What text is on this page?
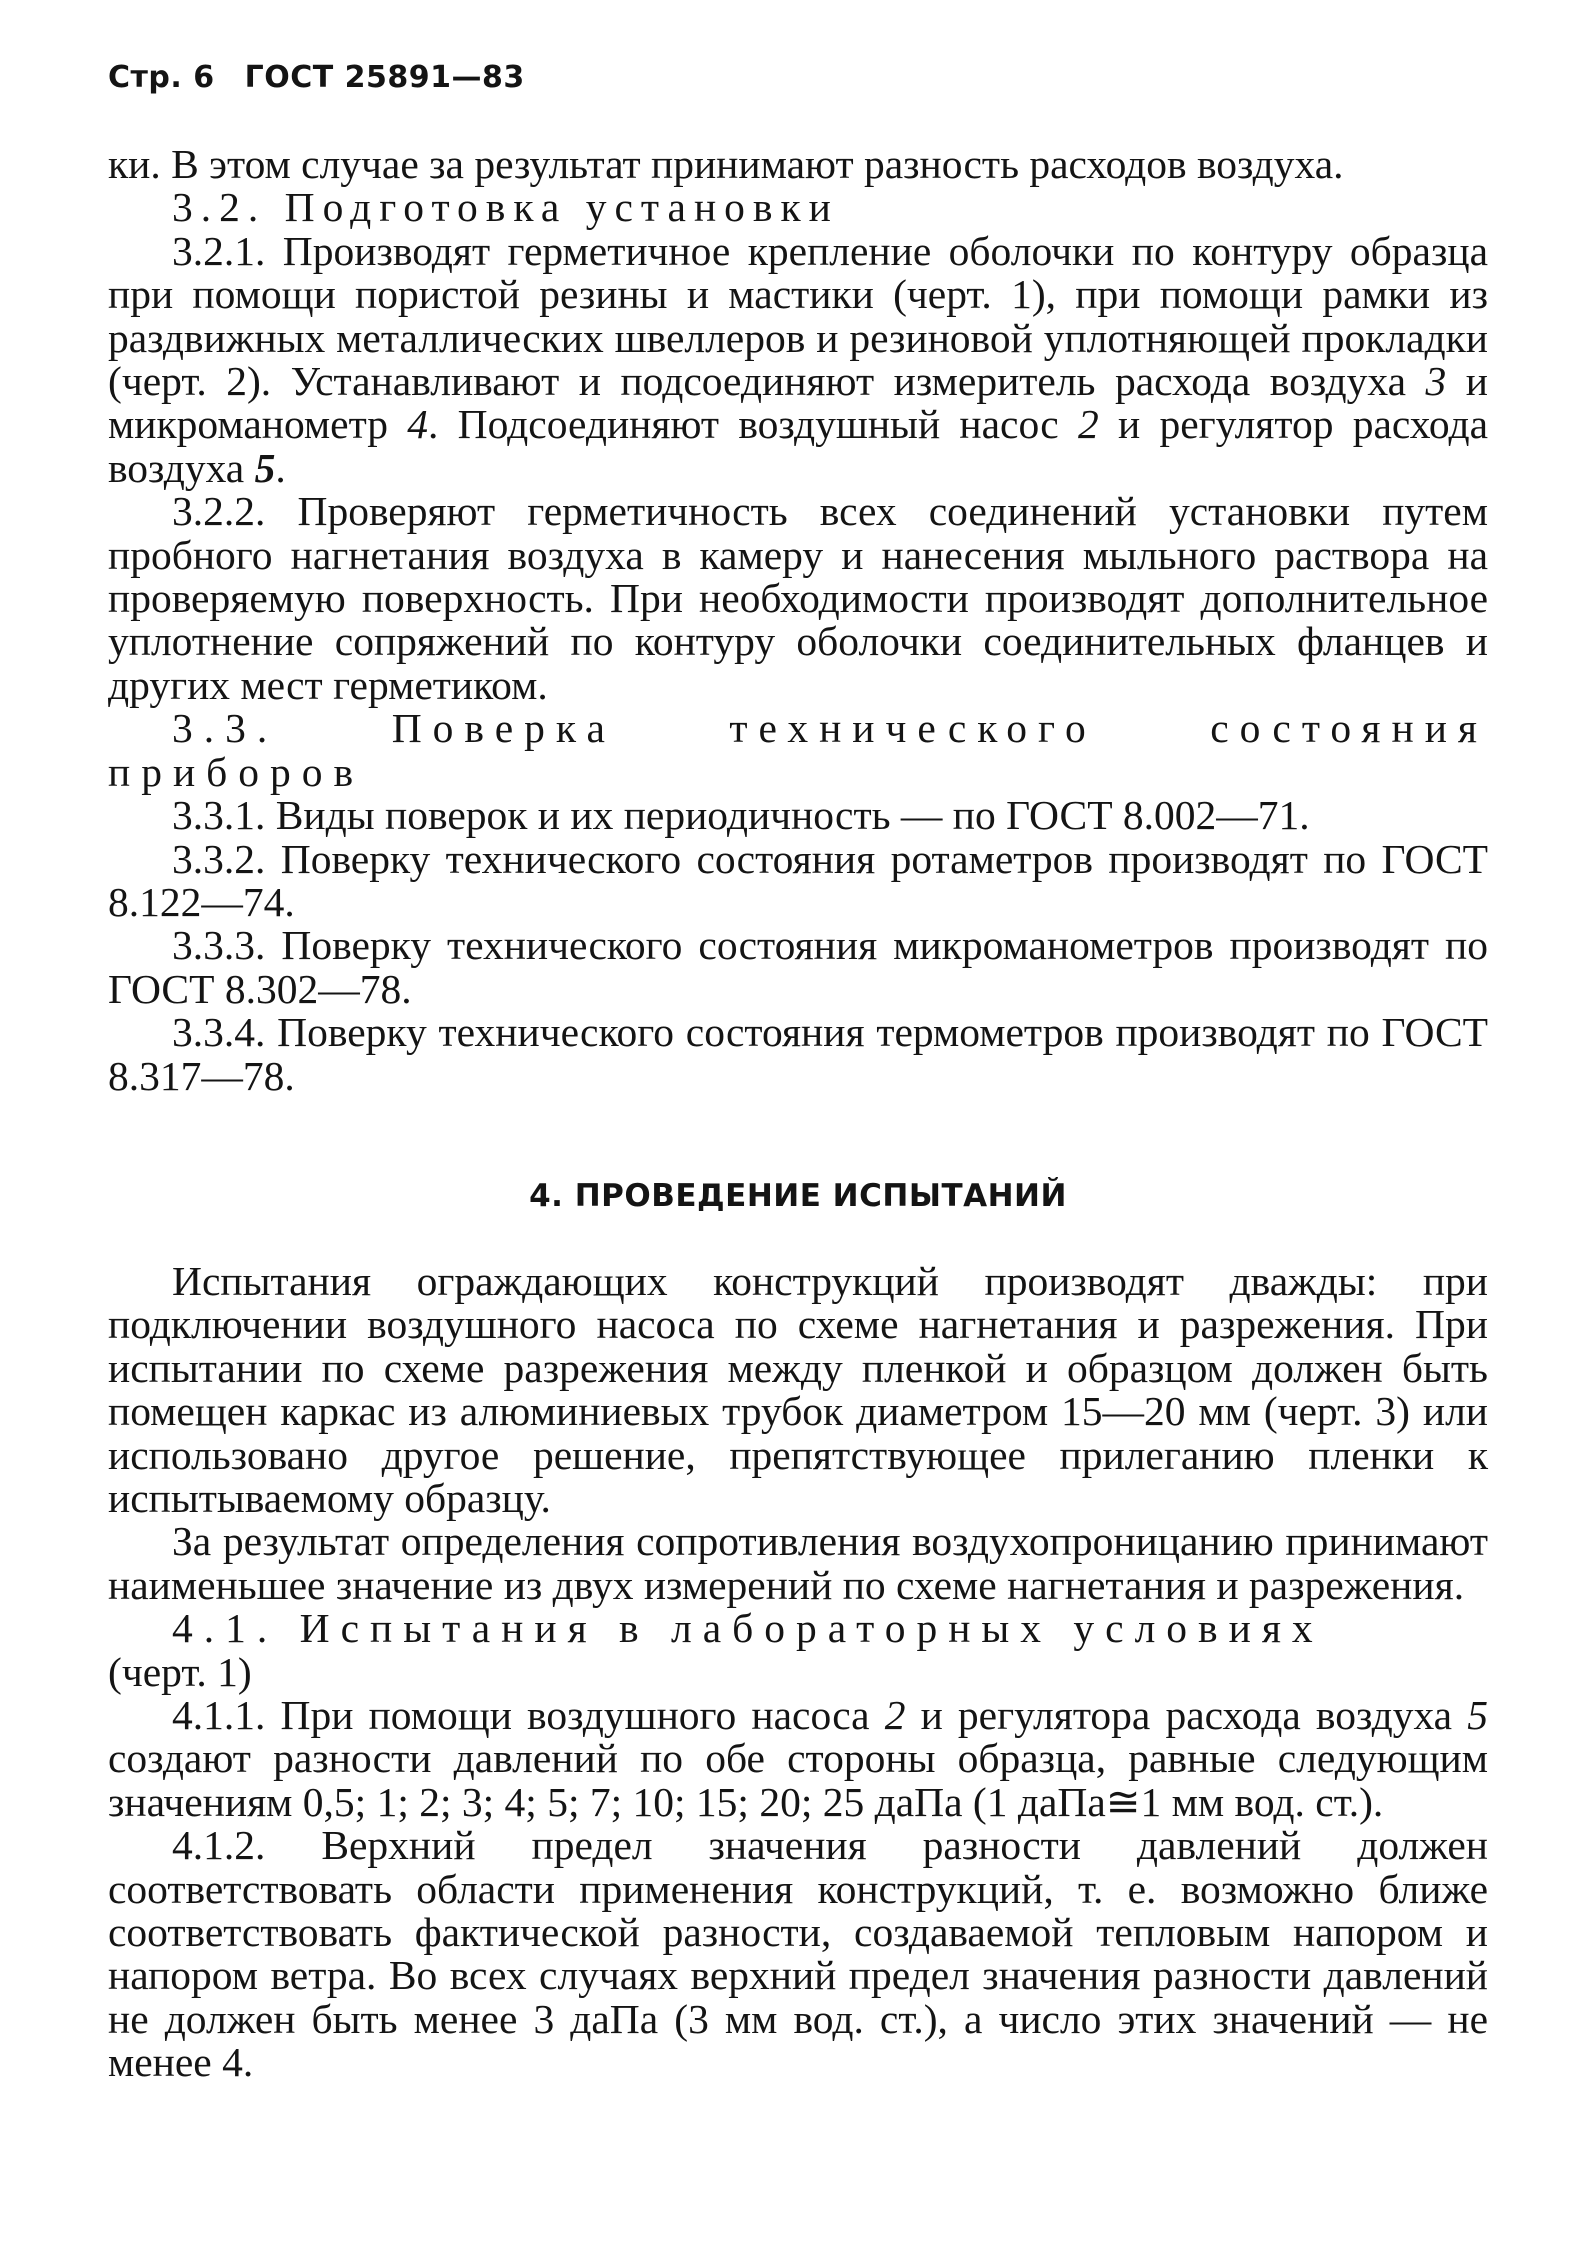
Стр. 6 ГОСТ 25891—83

ки. В этом случае за результат принимают разность расходов воздуха.

3.2. Подготовка установки

3.2.1. Производят герметичное крепление оболочки по контуру образца при помощи пористой резины и мастики (черт. 1), при помощи рамки из раздвижных металлических швеллеров и резиновой уплотняющей прокладки (черт. 2). Устанавливают и подсоединяют измеритель расхода воздуха 3 и микроманометр 4. Подсоединяют воздушный насос 2 и регулятор расхода воздуха 5.

3.2.2. Проверяют герметичность всех соединений установки путем пробного нагнетания воздуха в камеру и нанесения мыльного раствора на проверяемую поверхность. При необходимости производят дополнительное уплотнение сопряжений по контуру оболочки соединительных фланцев и других мест герметиком.

3.3. Поверка технического состояния приборов

3.3.1. Виды поверок и их периодичность — по ГОСТ 8.002—71.

3.3.2. Поверку технического состояния ротаметров производят по ГОСТ 8.122—74.

3.3.3. Поверку технического состояния микроманометров производят по ГОСТ 8.302—78.

3.3.4. Поверку технического состояния термометров производят по ГОСТ 8.317—78.

4. ПРОВЕДЕНИЕ ИСПЫТАНИЙ

Испытания ограждающих конструкций производят дважды: при подключении воздушного насоса по схеме нагнетания и разрежения. При испытании по схеме разрежения между пленкой и образцом должен быть помещен каркас из алюминиевых трубок диаметром 15—20 мм (черт. 3) или использовано другое решение, препятствующее прилеганию пленки к испытываемому образцу.

За результат определения сопротивления воздухопроницанию принимают наименьшее значение из двух измерений по схеме нагнетания и разрежения.

4.1. Испытания в лабораторных условиях

(черт. 1)

4.1.1. При помощи воздушного насоса 2 и регулятора расхода воздуха 5 создают разности давлений по обе стороны образца, равные следующим значениям 0,5; 1; 2; 3; 4; 5; 7; 10; 15; 20; 25 даПа (1 даПа≅1 мм вод. ст.).

4.1.2. Верхний предел значения разности давлений должен соответствовать области применения конструкций, т. е. возможно ближе соответствовать фактической разности, создаваемой тепловым напором и напором ветра. Во всех случаях верхний предел значения разности давлений не должен быть менее 3 даПа (3 мм вод. ст.), а число этих значений — не менее 4.
